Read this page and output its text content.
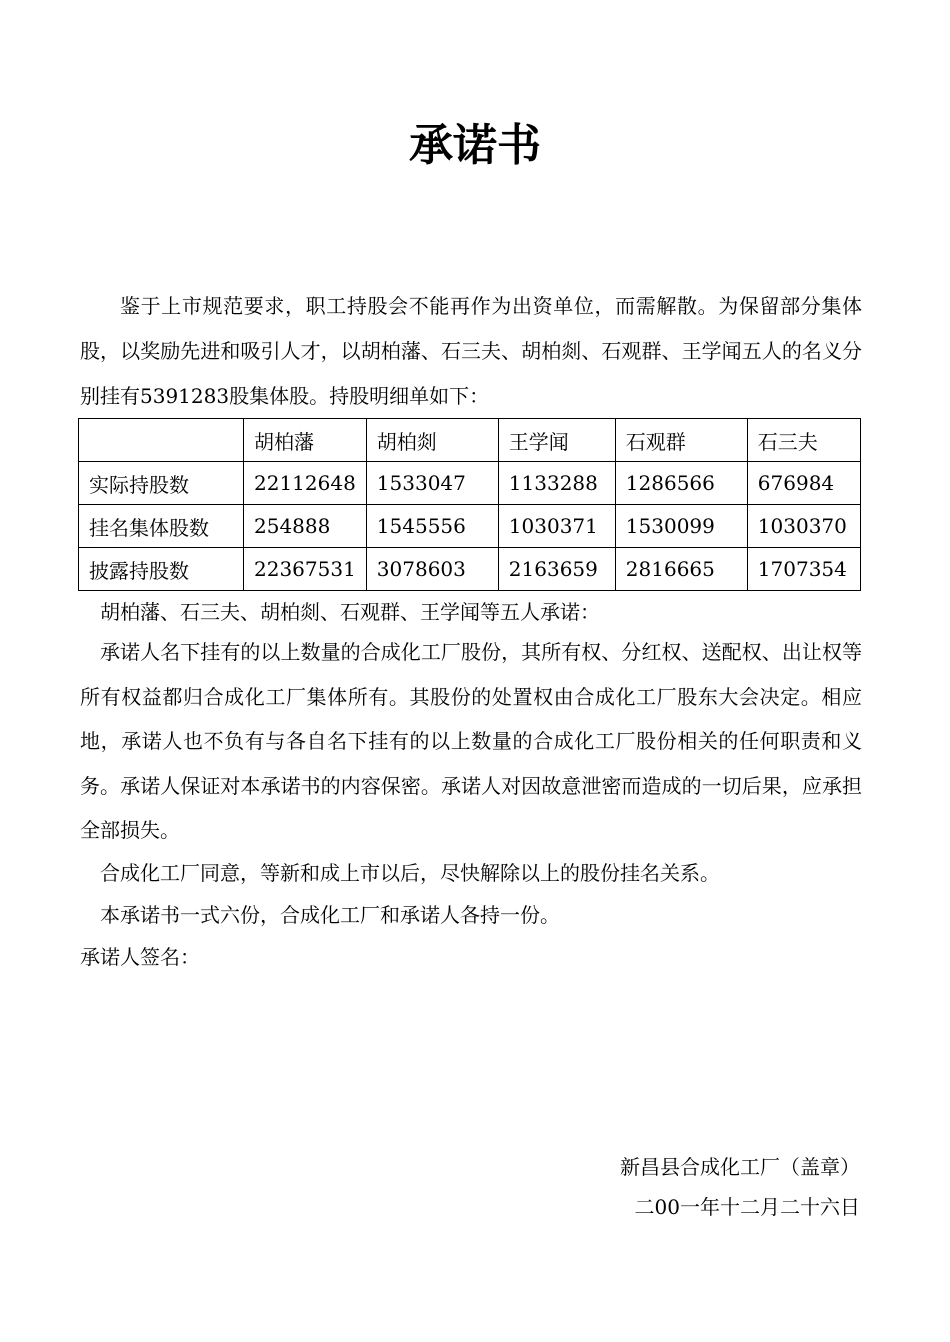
承诺书

鉴于上市规范要求，职工持股会不能再作为出资单位，而需解散。为保留部分集体股，以奖励先进和吸引人才，以胡柏藩、石三夫、胡柏剡、石观群、王学闻五人的名义分别挂有5391283股集体股。持股明细单如下：

	胡柏藩	胡柏剡	王学闻	石观群	石三夫
实际持股数	22112648	1533047	1133288	1286566	676984
挂名集体股数	254888	1545556	1030371	1530099	1030370
披露持股数	22367531	3078603	2163659	2816665	1707354

胡柏藩、石三夫、胡柏剡、石观群、王学闻等五人承诺：

承诺人名下挂有的以上数量的合成化工厂股份，其所有权、分红权、送配权、出让权等所有权益都归合成化工厂集体所有。其股份的处置权由合成化工厂股东大会决定。相应地，承诺人也不负有与各自名下挂有的以上数量的合成化工厂股份相关的任何职责和义务。承诺人保证对本承诺书的内容保密。承诺人对因故意泄密而造成的一切后果，应承担全部损失。

合成化工厂同意，等新和成上市以后，尽快解除以上的股份挂名关系。

本承诺书一式六份，合成化工厂和承诺人各持一份。

承诺人签名：

新昌县合成化工厂（盖章）
二00一年十二月二十六日
